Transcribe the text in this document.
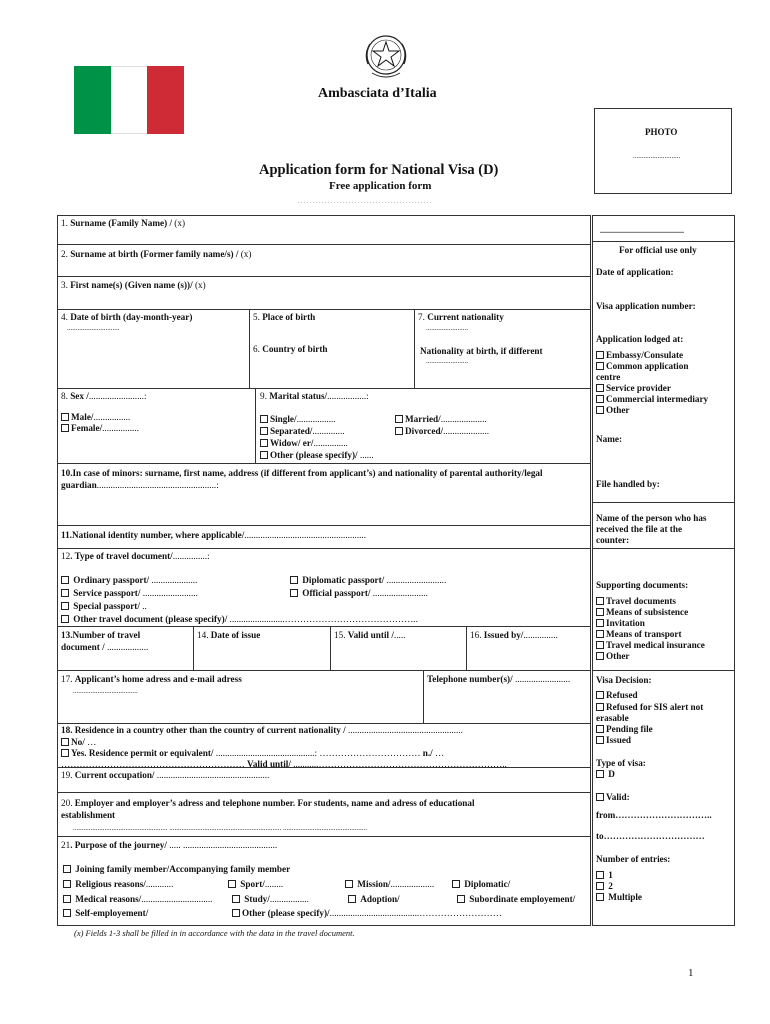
Ambasciata d’Italia
Application form for National Visa (D)
Free application form
. . . . . . . . . . . . . . . . . . . . . . . . . . . . . . . . . . . . . . . . . . . . .
PHOTO
...........................
1. Surname (Family Name) / (x)
2. Surname at birth (Former family name/s) / (x)
3. First name(s) (Given name (s))/ (x)
4. Date of birth (day-month-year)
..............................
5. Place of birth
6. Country of birth
7. Current nationality
........................
Nationality at birth, if different
........................
8. Sex /........................:
Male/................
Female/................
9. Marital status/.................:
Single/.................	Married/....................
Separated/..............	Divorced/....................
Widow/ er/...............
Other (please specify)/ ......
10.In case of minors: surname, first name, address (if different from applicant’s) and nationality of parental authority/legal
guardian....................................................:
11.National identity number, where applicable/.....................................................
12. Type of travel document/...............:
Ordinary passport/ ....................	Diplomatic passport/ ..........................
Service passport/ ........................	Official passport/ ........................
Special passport/ ..
Other travel document (please specify)/ ........................……………………………………..
13.Number of travel
document / ..................
14. Date of issue	15. Valid until /.....	16. Issued by/...............
17. Applicant’s home adress and e-mail adress
.....................................
Telephone number(s)/ ........................
18. Residence in a country other than the country of current nationality / ..................................................
No/ …
Yes. Residence permit or equivalent/ ...........................................: …………………………… n./ …
…………………………………………………… Valid until/ ...........……………………………………………………..
19. Current occupation/ .................................................
20. Employer and employer’s adress and telephone number. For students, name and adress of educational
establishment
...................................................... ................................................................ ................................................
21. Purpose of the journey/ ..... .........................................
Joining family member/Accompanying family member
Religious reasons/............	Sport/........	Mission/...................	Diplomatic/
Medical reasons/...............................	Study/.................	Adoption/	Subordinate employement/
Self-employement/	Other (please specify)/.......................................………………………
(x) Fields 1-3 shall be filled in in accordance with the data in the travel document.
..........................................
For official use only
Date of application:
Visa application number:
Application lodged at:
Embassy/Consulate
Common application
centre
Service provider
Commercial intermediary
Other
Name:
File handled by:
Name of the person who has
received the file at the
counter:
Supporting documents:
Travel documents
Means of subsistence
Invitation
Means of transport
Travel medical insurance
Other
Visa Decision:
Refused
Refused for SIS alert not
erasable
Pending file
Issued
Type of visa:
D
Valid:
from…………………………..
to……………………………
Number of entries:
1
2
Multiple
1
